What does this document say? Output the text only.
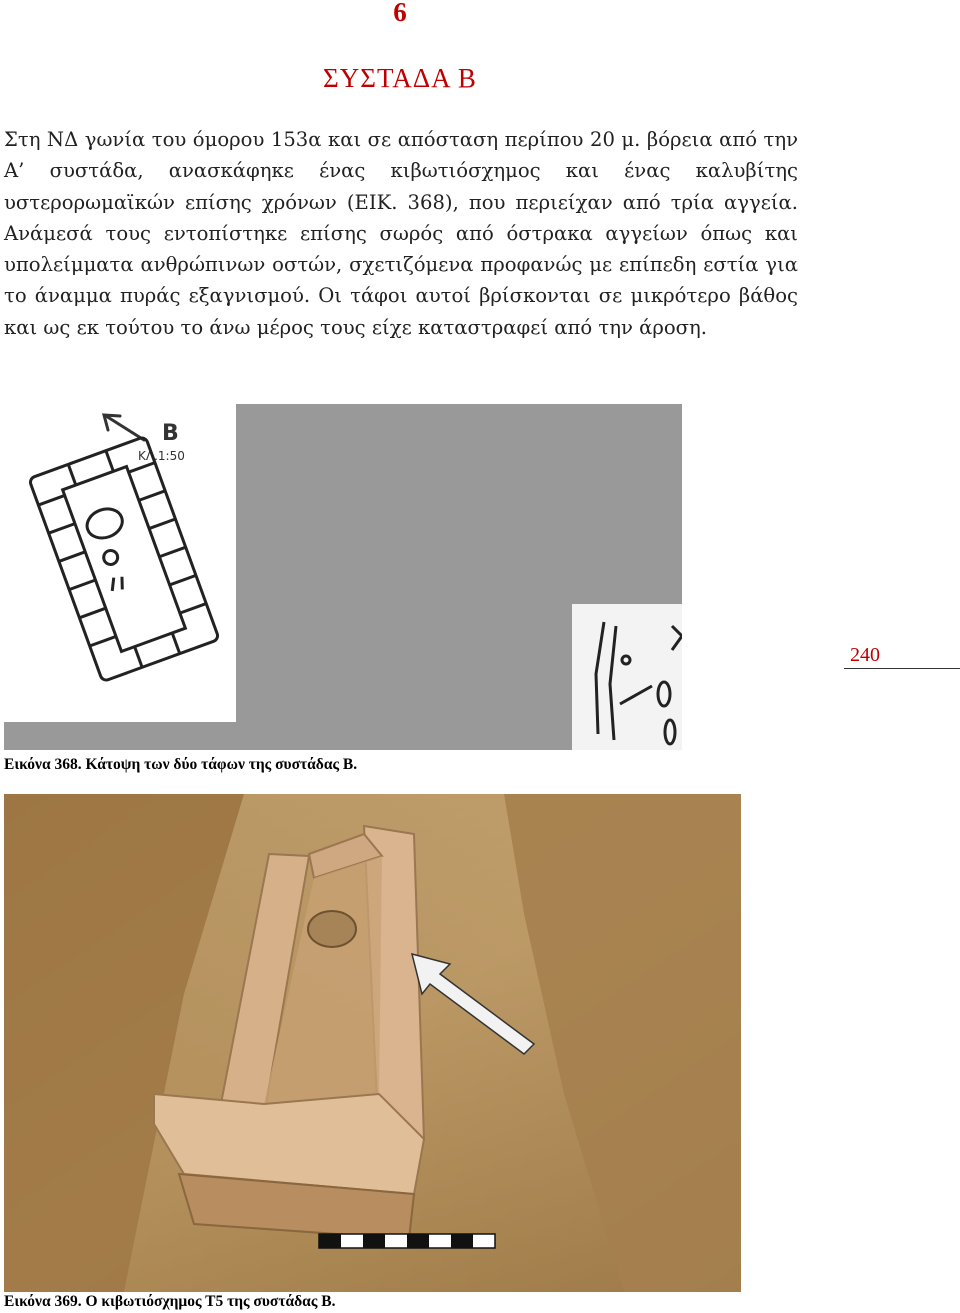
6
ΣΥΣΤΑΔΑ Β

Στη ΝΔ γωνία του όμορου 153α και σε απόσταση περίπου 20 μ. βόρεια από την Α’ συστάδα, ανασκάφηκε ένας κιβωτιόσχημος και ένας καλυβίτης υστερορωμαϊκών επίσης χρόνων (ΕΙΚ. 368), που περιείχαν από τρία αγγεία. Ανάμεσά τους εντοπίστηκε επίσης σωρός από όστρακα αγγείων όπως και υπολείμματα ανθρώπινων οστών, σχετιζόμενα προφανώς με επίπεδη εστία για το άναμμα πυράς εξαγνισμού. Οι τάφοι αυτοί βρίσκονται σε μικρότερο βάθος και ως εκ τούτου το άνω μέρος τους είχε καταστραφεί από την άροση.

B
ΚΛ.1:50
240
Εικόνα 368. Κάτοψη των δύο τάφων της συστάδας Β.
Εικόνα 369. Ο κιβωτιόσχημος Τ5 της συστάδας Β.
